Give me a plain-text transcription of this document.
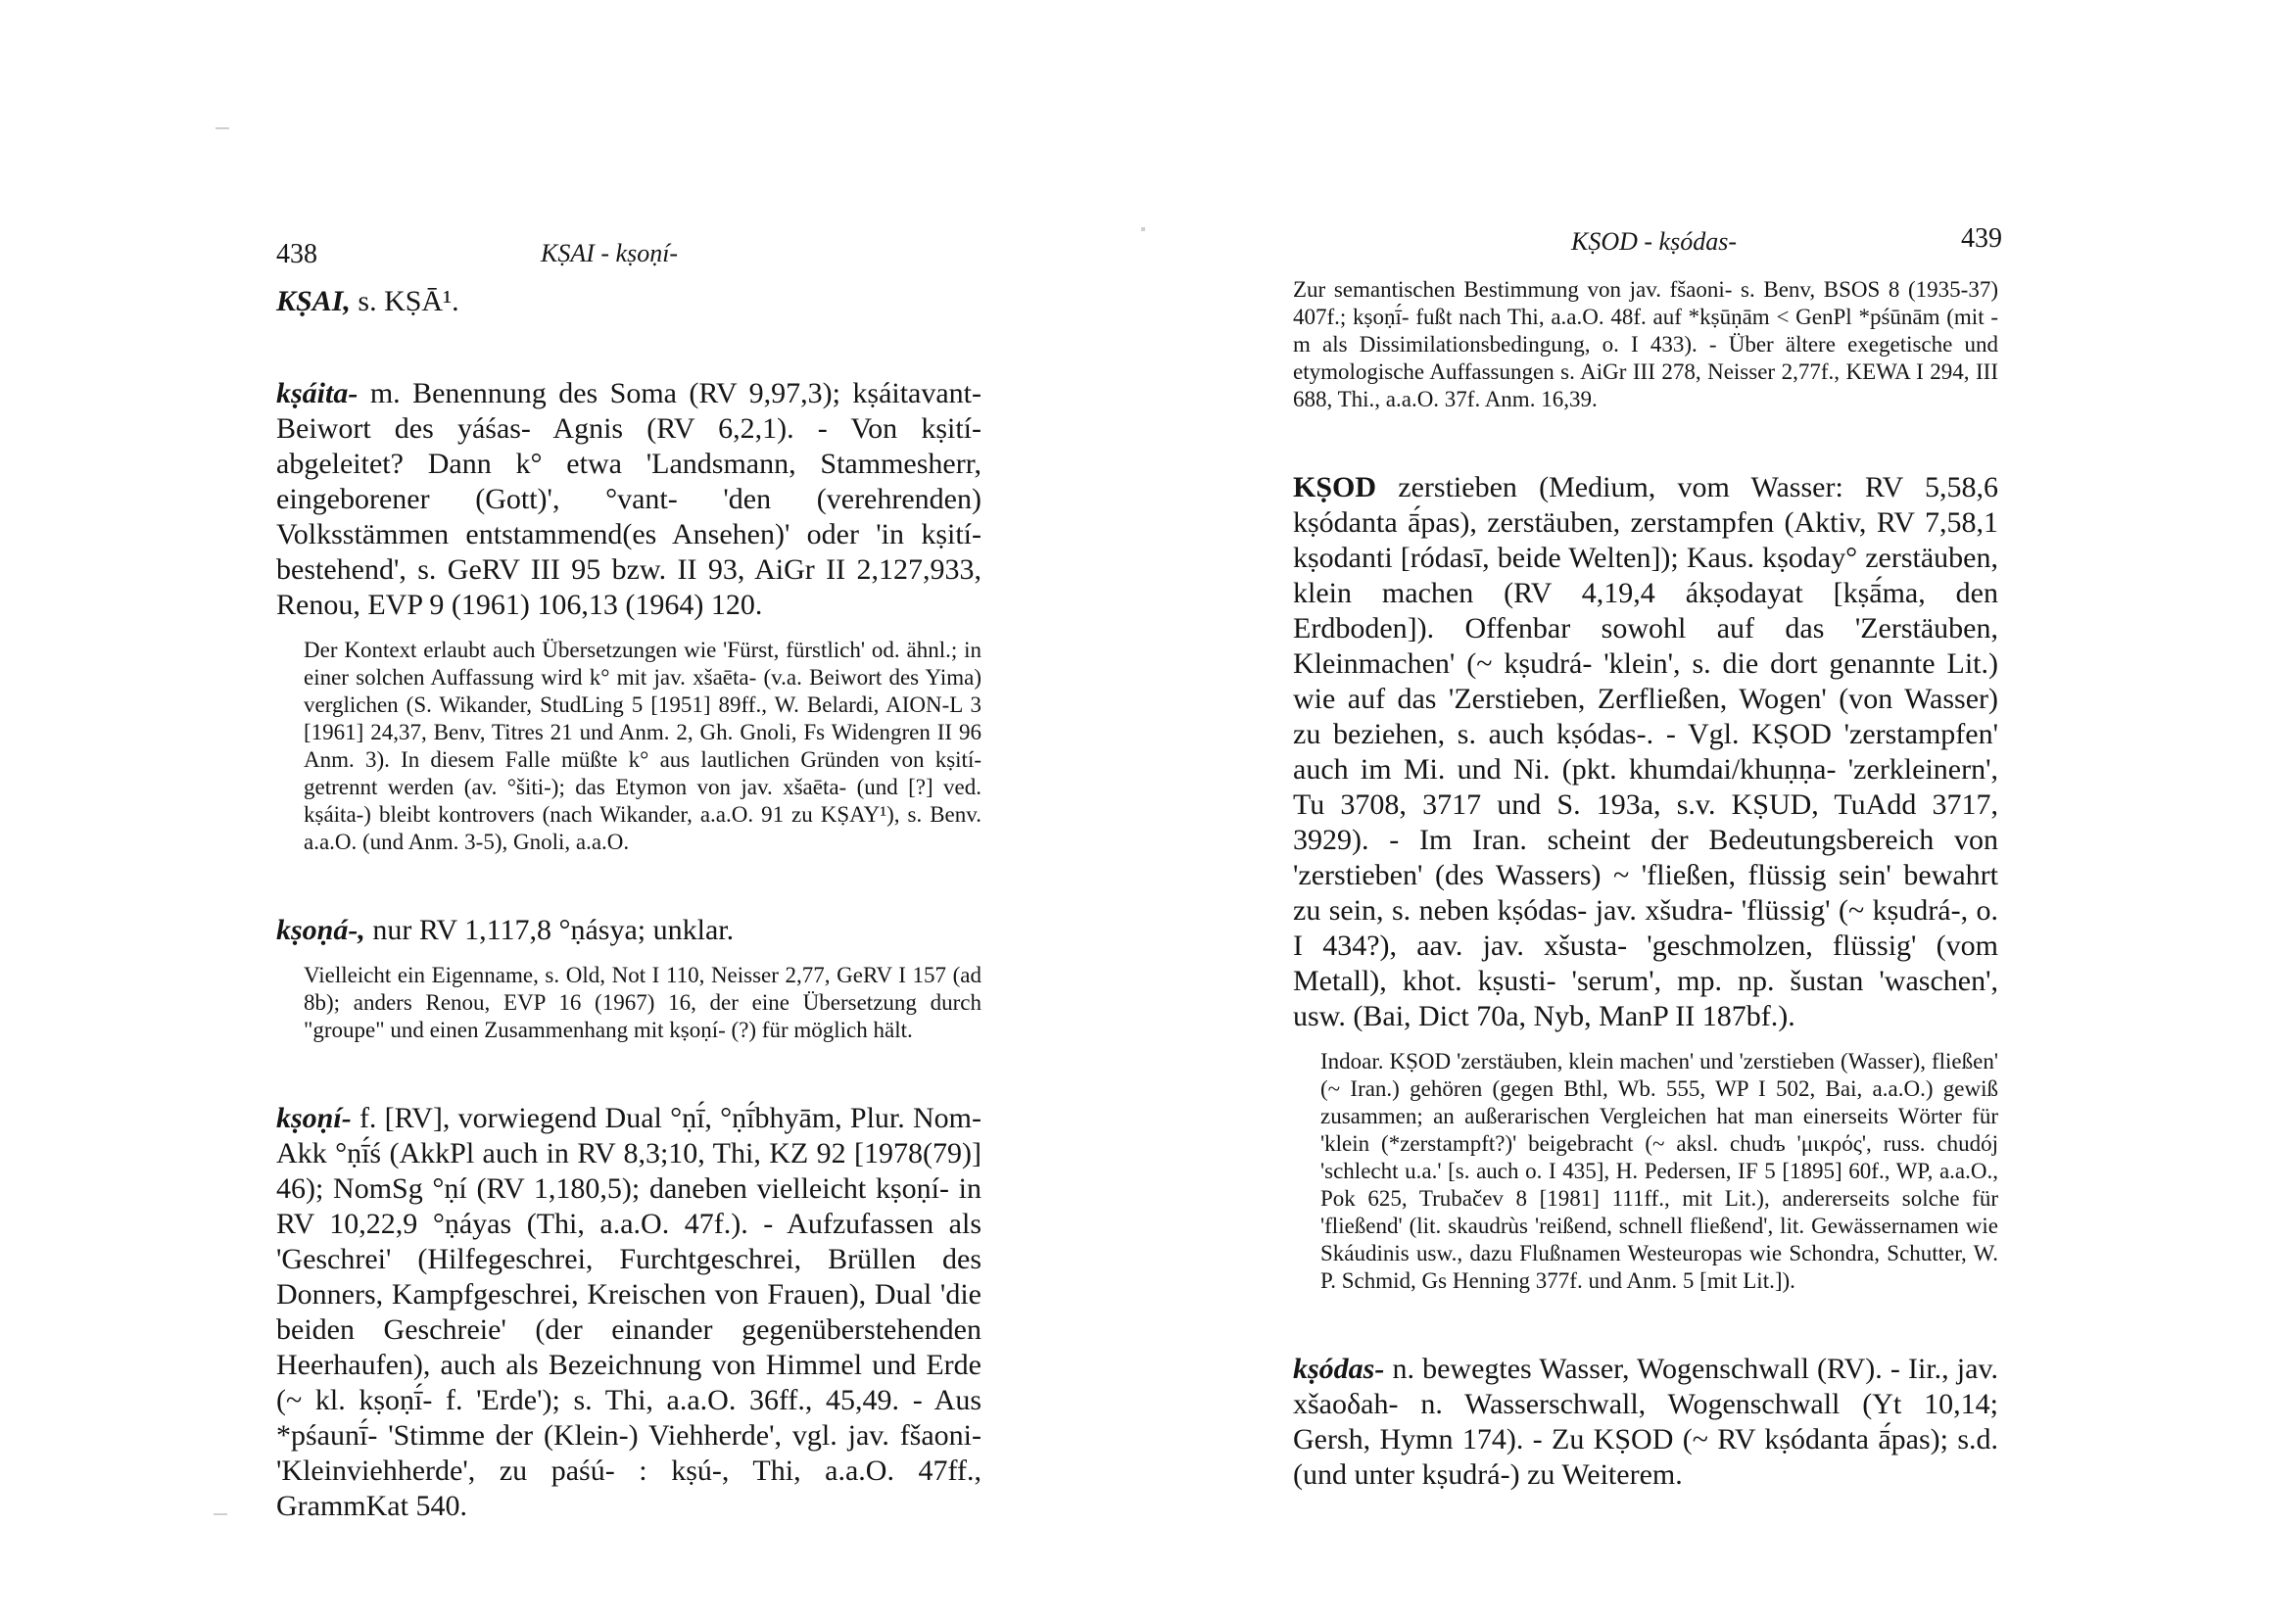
438	KṢAI - kṣoṇí-

KṢAI, s. KṢĀ¹.

kṣáita- m. Benennung des Soma (RV 9,97,3); kṣáitavant- Beiwort des yáśas- Agnis (RV 6,2,1). - Von kṣití- abgeleitet? Dann k° etwa 'Landsmann, Stammesherr, eingeborener (Gott)', °vant- 'den (verehrenden) Volksstämmen entstammend(es Ansehen)' oder 'in kṣití- bestehend', s. GeRV III 95 bzw. II 93, AiGr II 2,127,933, Renou, EVP 9 (1961) 106,13 (1964) 120.

Der Kontext erlaubt auch Übersetzungen wie 'Fürst, fürstlich' od. ähnl.; in einer solchen Auffassung wird k° mit jav. xšaēta- (v.a. Beiwort des Yima) verglichen (S. Wikander, StudLing 5 [1951] 89ff., W. Belardi, AION-L 3 [1961] 24,37, Benv, Titres 21 und Anm. 2, Gh. Gnoli, Fs Widengren II 96 Anm. 3). In diesem Falle müßte k° aus lautlichen Gründen von kṣití- getrennt werden (av. °šiti-); das Etymon von jav. xšaēta- (und [?] ved. kṣáita-) bleibt kontrovers (nach Wikander, a.a.O. 91 zu KṢAY¹), s. Benv. a.a.O. (und Anm. 3-5), Gnoli, a.a.O.

kṣoṇá-, nur RV 1,117,8 °ṇásya; unklar.

Vielleicht ein Eigenname, s. Old, Not I 110, Neisser 2,77, GeRV I 157 (ad 8b); anders Renou, EVP 16 (1967) 16, der eine Übersetzung durch "groupe" und einen Zusammenhang mit kṣoṇí- (?) für möglich hält.

kṣoṇí- f. [RV], vorwiegend Dual °ṇī́, °ṇī́bhyām, Plur. Nom-Akk °ṇī́ś (AkkPl auch in RV 8,3;10, Thi, KZ 92 [1978(79)] 46); NomSg °ṇí (RV 1,180,5); daneben vielleicht kṣoṇí- in RV 10,22,9 °ṇáyas (Thi, a.a.O. 47f.). - Aufzufassen als 'Geschrei' (Hilfegeschrei, Furchtgeschrei, Brüllen des Donners, Kampfgeschrei, Kreischen von Frauen), Dual 'die beiden Geschreie' (der einander gegenüberstehenden Heerhaufen), auch als Bezeichnung von Himmel und Erde (~ kl. kṣoṇī́- f. 'Erde'); s. Thi, a.a.O. 36ff., 45,49. - Aus *pśaunī́- 'Stimme der (Klein-) Viehherde', vgl. jav. fšaoni- 'Kleinviehherde', zu paśú- : kṣú-, Thi, a.a.O. 47ff., GrammKat 540.

KṢOD - kṣódas-	439

Zur semantischen Bestimmung von jav. fšaoni- s. Benv, BSOS 8 (1935-37) 407f.; kṣoṇī́- fußt nach Thi, a.a.O. 48f. auf *kṣūṇām < GenPl *pśūnām (mit -m als Dissimilationsbedingung, o. I 433). - Über ältere exegetische und etymologische Auffassungen s. AiGr III 278, Neisser 2,77f., KEWA I 294, III 688, Thi., a.a.O. 37f. Anm. 16,39.

KṢOD zerstieben (Medium, vom Wasser: RV 5,58,6 kṣódanta ā́pas), zerstäuben, zerstampfen (Aktiv, RV 7,58,1 kṣodanti [ródasī, beide Welten]); Kaus. kṣoday° zerstäuben, klein machen (RV 4,19,4 ákṣodayat [kṣā́ma, den Erdboden]). Offenbar sowohl auf das 'Zerstäuben, Kleinmachen' (~ kṣudrá- 'klein', s. die dort genannte Lit.) wie auf das 'Zerstieben, Zerfließen, Wogen' (von Wasser) zu beziehen, s. auch kṣódas-. - Vgl. KṢOD 'zerstampfen' auch im Mi. und Ni. (pkt. khumdai/khuṇṇa- 'zerkleinern', Tu 3708, 3717 und S. 193a, s.v. KṢUD, TuAdd 3717, 3929). - Im Iran. scheint der Bedeutungsbereich von 'zerstieben' (des Wassers) ~ 'fließen, flüssig sein' bewahrt zu sein, s. neben kṣódas- jav. xšudra- 'flüssig' (~ kṣudrá-, o. I 434?), aav. jav. xšusta- 'geschmolzen, flüssig' (vom Metall), khot. kṣusti- 'serum', mp. np. šustan 'waschen', usw. (Bai, Dict 70a, Nyb, ManP II 187bf.).

Indoar. KṢOD 'zerstäuben, klein machen' und 'zerstieben (Wasser), fließen' (~ Iran.) gehören (gegen Bthl, Wb. 555, WP I 502, Bai, a.a.O.) gewiß zusammen; an außerarischen Vergleichen hat man einerseits Wörter für 'klein (*zerstampft?)' beigebracht (~ aksl. chudъ 'μικρός', russ. chudój 'schlecht u.a.' [s. auch o. I 435], H. Pedersen, IF 5 [1895] 60f., WP, a.a.O., Pok 625, Trubačev 8 [1981] 111ff., mit Lit.), andererseits solche für 'fließend' (lit. skaudrùs 'reißend, schnell fließend', lit. Gewässernamen wie Skáudinis usw., dazu Flußnamen Westeuropas wie Schondra, Schutter, W. P. Schmid, Gs Henning 377f. und Anm. 5 [mit Lit.]).

kṣódas- n. bewegtes Wasser, Wogenschwall (RV). - Iir., jav. xšaoδah- n. Wasserschwall, Wogenschwall (Yt 10,14; Gersh, Hymn 174). - Zu KṢOD (~ RV kṣódanta ā́pas); s.d. (und unter kṣudrá-) zu Weiterem.
